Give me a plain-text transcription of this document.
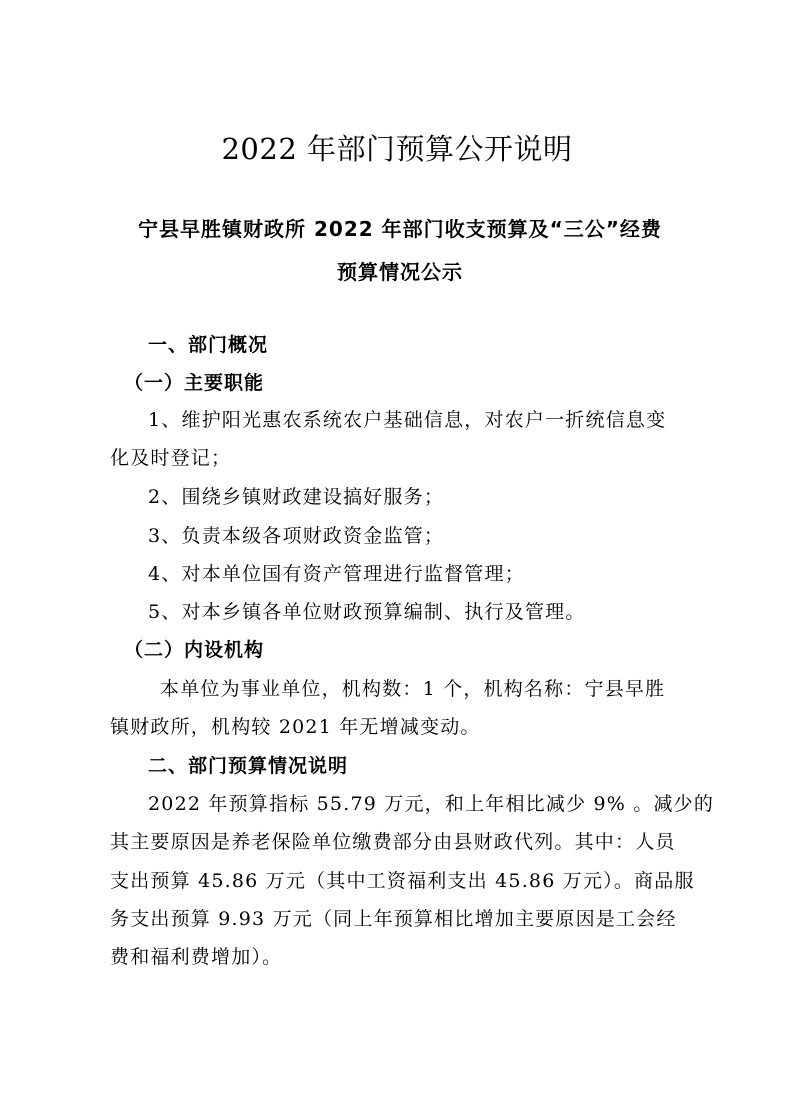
2022 年部门预算公开说明
宁县早胜镇财政所 2022 年部门收支预算及“三公”经费
预算情况公示
一、部门概况
（一）主要职能
1、维护阳光惠农系统农户基础信息，对农户一折统信息变
化及时登记；
2、围绕乡镇财政建设搞好服务；
3、负责本级各项财政资金监管；
4、对本单位国有资产管理进行监督管理；
5、对本乡镇各单位财政预算编制、执行及管理。
（二）内设机构
本单位为事业单位，机构数：1 个，机构名称：宁县早胜
镇财政所，机构较 2021 年无增减变动。
二、部门预算情况说明
2022 年预算指标 55.79 万元，和上年相比减少 9% 。减少的
其主要原因是养老保险单位缴费部分由县财政代列。其中：人员
支出预算 45.86 万元（其中工资福利支出 45.86 万元）。商品服
务支出预算 9.93 万元（同上年预算相比增加主要原因是工会经
费和福利费增加）。
